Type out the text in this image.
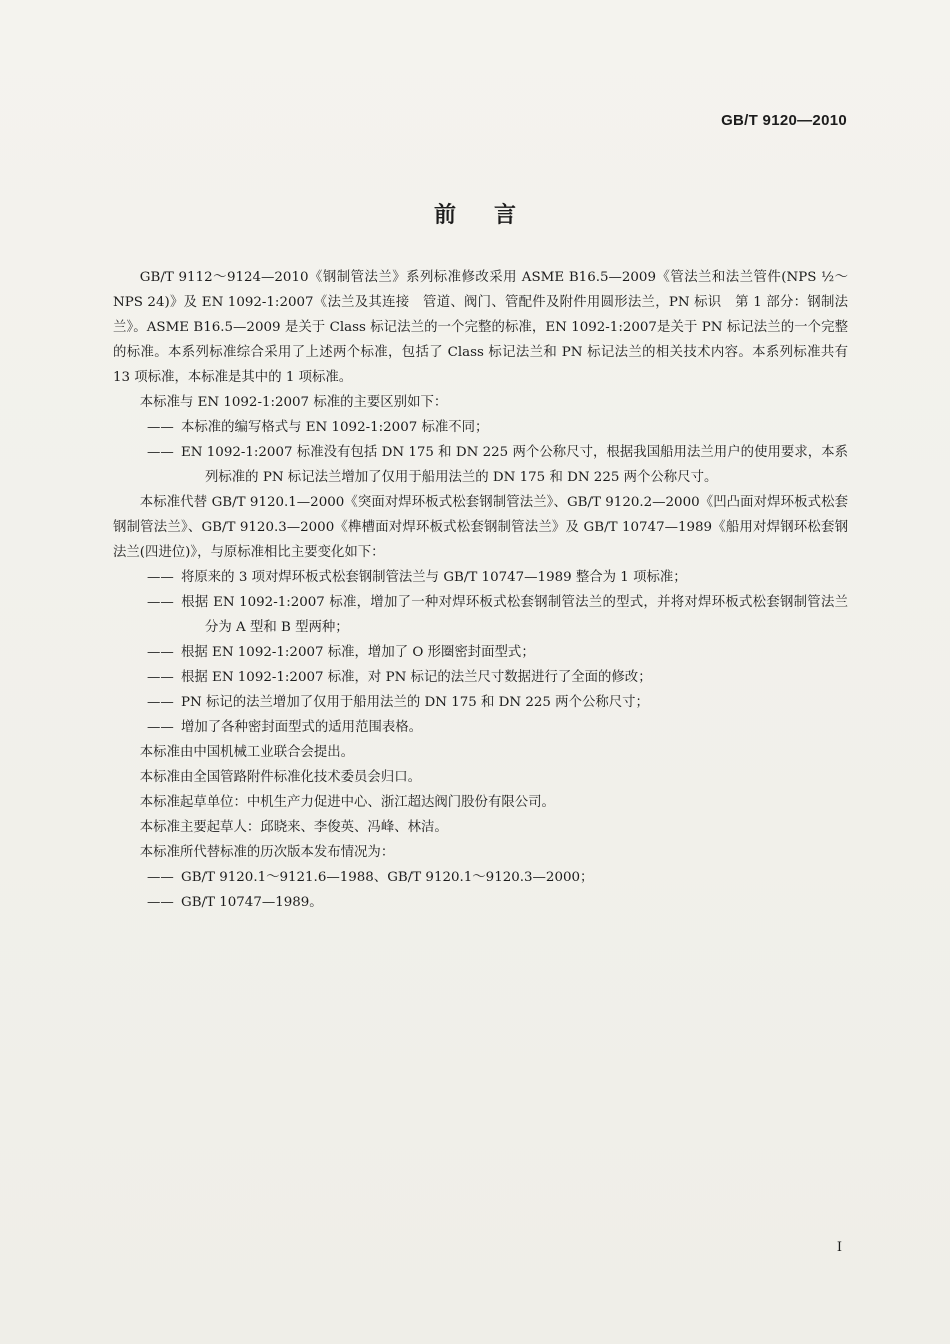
GB/T 9120—2010
前言

GB/T 9112～9124—2010《钢制管法兰》系列标准修改采用 ASME B16.5—2009《管法兰和法兰管件(NPS ½～NPS 24)》及 EN 1092-1:2007《法兰及其连接　管道、阀门、管配件及附件用圆形法兰，PN 标识　第 1 部分：钢制法兰》。ASME B16.5—2009 是关于 Class 标记法兰的一个完整的标准，EN 1092-1:2007是关于 PN 标记法兰的一个完整的标准。本系列标准综合采用了上述两个标准，包括了 Class 标记法兰和 PN 标记法兰的相关技术内容。本系列标准共有 13 项标准，本标准是其中的 1 项标准。

本标准与 EN 1092-1:2007 标准的主要区别如下：

—— 本标准的编写格式与 EN 1092-1:2007 标准不同；

—— EN 1092-1:2007 标准没有包括 DN 175 和 DN 225 两个公称尺寸，根据我国船用法兰用户的使用要求，本系列标准的 PN 标记法兰增加了仅用于船用法兰的 DN 175 和 DN 225 两个公称尺寸。

本标准代替 GB/T 9120.1—2000《突面对焊环板式松套钢制管法兰》、GB/T 9120.2—2000《凹凸面对焊环板式松套钢制管法兰》、GB/T 9120.3—2000《榫槽面对焊环板式松套钢制管法兰》及 GB/T 10747—1989《船用对焊钢环松套钢法兰(四进位)》，与原标准相比主要变化如下：

—— 将原来的 3 项对焊环板式松套钢制管法兰与 GB/T 10747—1989 整合为 1 项标准；

—— 根据 EN 1092-1:2007 标准，增加了一种对焊环板式松套钢制管法兰的型式，并将对焊环板式松套钢制管法兰分为 A 型和 B 型两种；

—— 根据 EN 1092-1:2007 标准，增加了 O 形圈密封面型式；

—— 根据 EN 1092-1:2007 标准，对 PN 标记的法兰尺寸数据进行了全面的修改；

—— PN 标记的法兰增加了仅用于船用法兰的 DN 175 和 DN 225 两个公称尺寸；

—— 增加了各种密封面型式的适用范围表格。

本标准由中国机械工业联合会提出。

本标准由全国管路附件标准化技术委员会归口。

本标准起草单位：中机生产力促进中心、浙江超达阀门股份有限公司。

本标准主要起草人：邱晓来、李俊英、冯峰、林洁。

本标准所代替标准的历次版本发布情况为：

—— GB/T 9120.1～9121.6—1988、GB/T 9120.1～9120.3—2000；

—— GB/T 10747—1989。

I
